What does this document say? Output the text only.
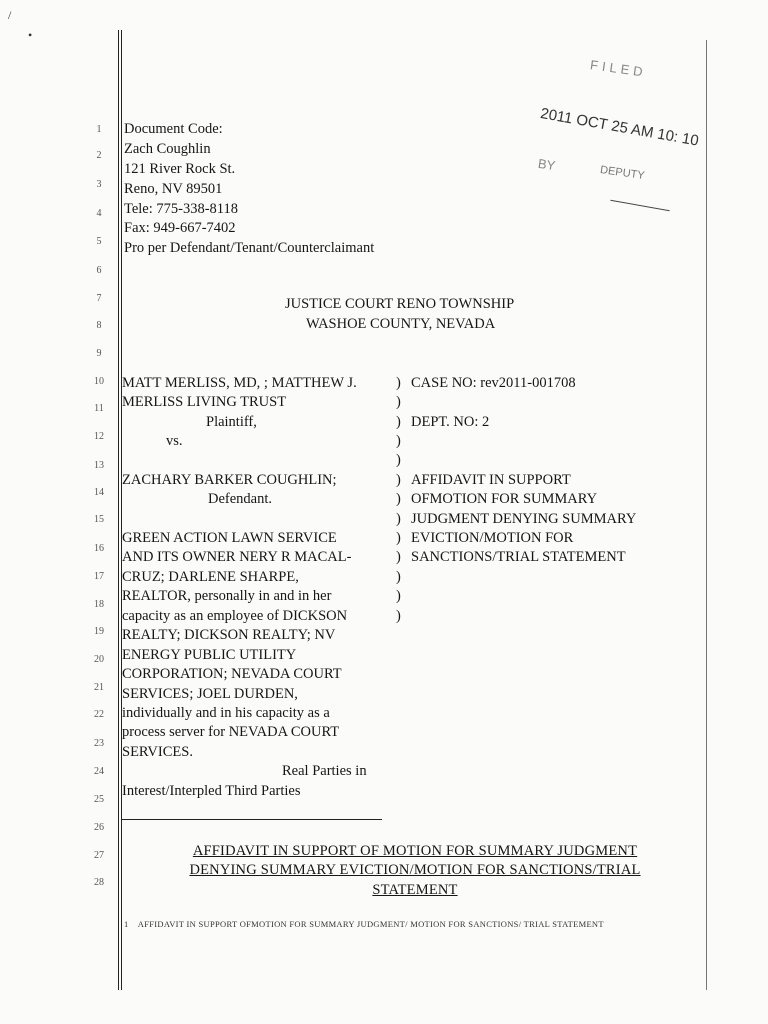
/
•
1
2
3
4
5
6
7
8
9
10
11
12
13
14
15
16
17
18
19
20
21
22
23
24
25
26
27
28
FILED
2011 OCT 25 AM 10: 10
BY	DEPUTY
Document Code:
Zach Coughlin
121 River Rock St.
Reno, NV 89501
Tele: 775-338-8118
Fax: 949-667-7402
Pro per Defendant/Tenant/Counterclaimant
JUSTICE COURT RENO TOWNSHIP
WASHOE COUNTY, NEVADA
MATT MERLISS, MD, ; MATTHEW J.
MERLISS LIVING TRUST
Plaintiff,
vs.
ZACHARY BARKER COUGHLIN;
Defendant.
GREEN ACTION LAWN SERVICE
AND ITS OWNER NERY R MACAL-
CRUZ; DARLENE SHARPE,
REALTOR, personally in and in her
capacity as an employee of DICKSON
REALTY; DICKSON REALTY; NV
ENERGY PUBLIC UTILITY
CORPORATION; NEVADA COURT
SERVICES; JOEL DURDEN,
individually and in his capacity as a
process server for NEVADA COURT
SERVICES.
Real Parties in
Interest/Interpled Third Parties
)
)
)
)
)
)
)
)
)
)
)
)
)
CASE NO: rev2011-001708
DEPT. NO: 2
AFFIDAVIT IN SUPPORT
OFMOTION FOR SUMMARY
JUDGMENT DENYING SUMMARY
EVICTION/MOTION FOR
SANCTIONS/TRIAL STATEMENT
AFFIDAVIT IN SUPPORT OF MOTION FOR SUMMARY JUDGMENT
DENYING SUMMARY EVICTION/MOTION FOR SANCTIONS/TRIAL
STATEMENT
1 AFFIDAVIT IN SUPPORT OFMOTION FOR SUMMARY JUDGMENT/ MOTION FOR SANCTIONS/ TRIAL STATEMENT
